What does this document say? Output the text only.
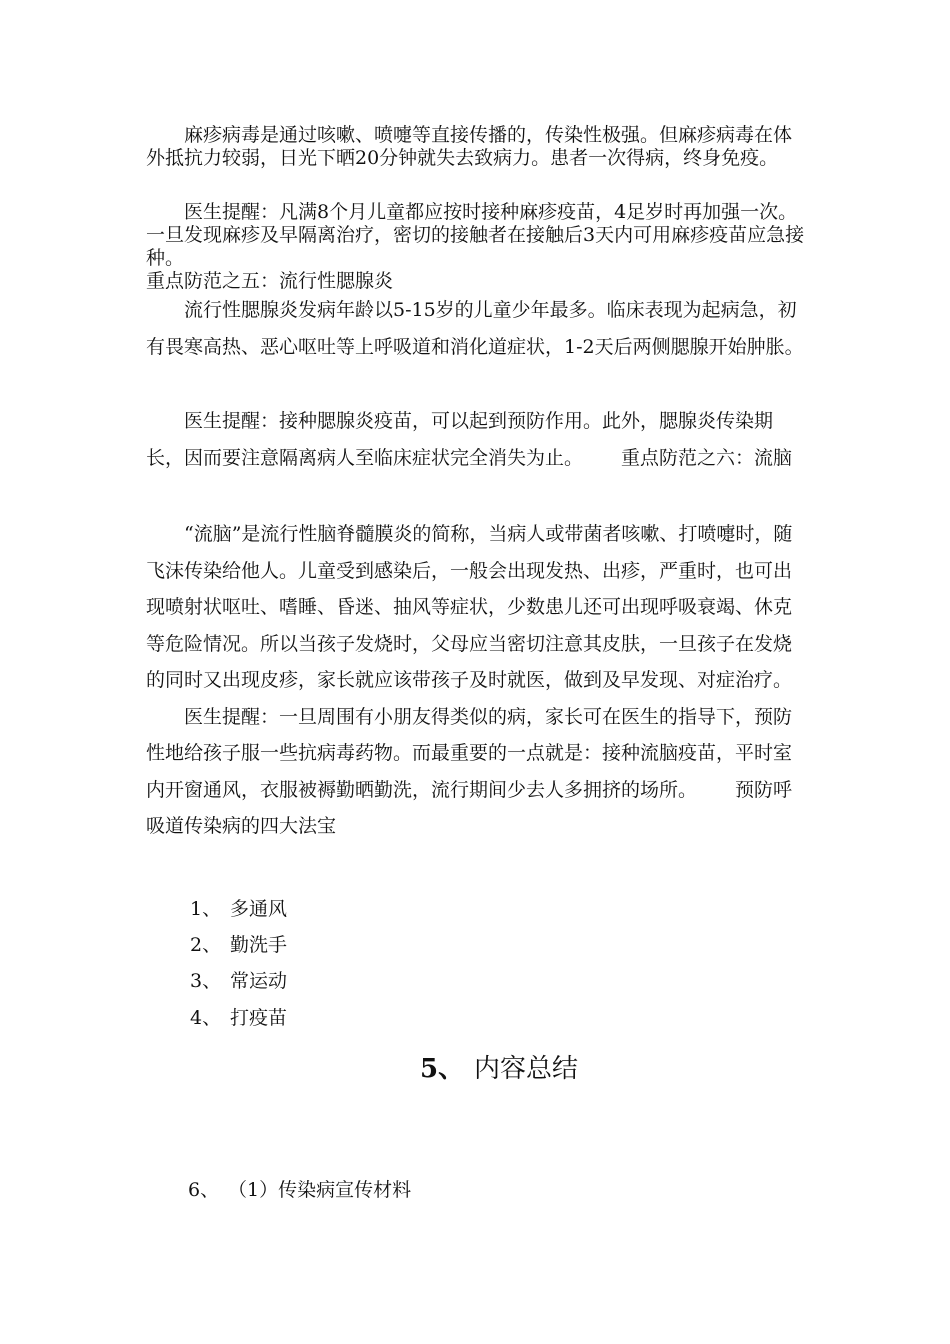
麻疹病毒是通过咳嗽、喷嚏等直接传播的，传染性极强。但麻疹病毒在体外抵抗力较弱，日光下晒20分钟就失去致病力。患者一次得病，终身免疫。

医生提醒：凡满8个月儿童都应按时接种麻疹疫苗，4足岁时再加强一次。一旦发现麻疹及早隔离治疗，密切的接触者在接触后3天内可用麻疹疫苗应急接种。

重点防范之五：流行性腮腺炎

流行性腮腺炎发病年龄以5-15岁的儿童少年最多。临床表现为起病急，初有畏寒高热、恶心呕吐等上呼吸道和消化道症状，1-2天后两侧腮腺开始肿胀。

医生提醒：接种腮腺炎疫苗，可以起到预防作用。此外，腮腺炎传染期长，因而要注意隔离病人至临床症状完全消失为止。 重点防范之六：流脑

“流脑”是流行性脑脊髓膜炎的简称，当病人或带菌者咳嗽、打喷嚏时，随飞沫传染给他人。儿童受到感染后，一般会出现发热、出疹，严重时，也可出现喷射状呕吐、嗜睡、昏迷、抽风等症状，少数患儿还可出现呼吸衰竭、休克等危险情况。所以当孩子发烧时，父母应当密切注意其皮肤，一旦孩子在发烧的同时又出现皮疹，家长就应该带孩子及时就医，做到及早发现、对症治疗。医生提醒：一旦周围有小朋友得类似的病，家长可在医生的指导下，预防性地给孩子服一些抗病毒药物。而最重要的一点就是：接种流脑疫苗，平时室内开窗通风，衣服被褥勤晒勤洗，流行期间少去人多拥挤的场所。 预防呼吸道传染病的四大法宝

1、 多通风
2、 勤洗手
3、 常运动
4、 打疫苗
5、 内容总结
6、 （1）传染病宣传材料
